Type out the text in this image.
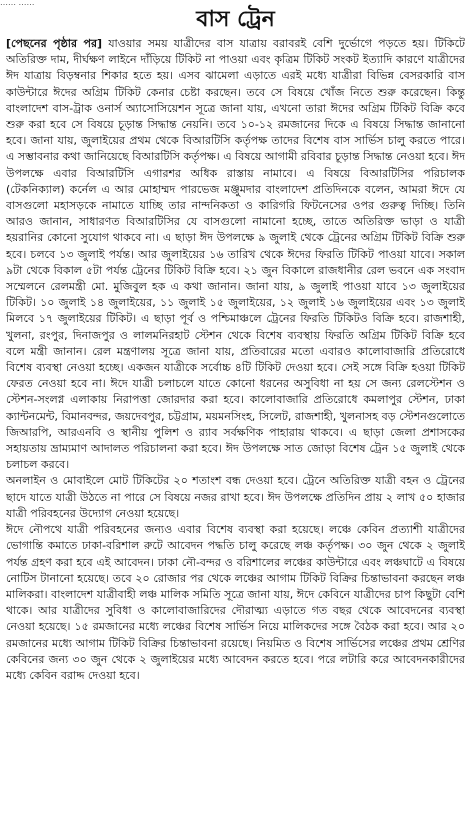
…… ……
বাস ট্রেন

[পেছনের পৃষ্ঠার পর] যাওয়ার সময় যাত্রীদের বাস যাত্রায় বরাবরই বেশি দুর্ভোগে পড়তে হয়। টিকিটে অতিরিক্ত দাম, দীর্ঘক্ষণ লাইনে দাঁড়িয়ে টিকিট না পাওয়া এবং কৃত্রিম টিকিট সংকট ইত্যাদি কারণে যাত্রীদের ঈদ যাত্রায় বিড়ম্বনার শিকার হতে হয়। এসব ঝামেলা এড়াতে এরই মধ্যে যাত্রীরা বিভিন্ন বেসরকারি বাস কাউন্টারে ঈদের অগ্রিম টিকিট কেনার চেষ্টা করছেন। তবে সে বিষয়ে খোঁজ নিতে শুরু করেছেন। কিন্তু বাংলাদেশ বাস-ট্রাক ওনার্স অ্যাসোসিয়েশন সূত্রে জানা যায়, এখনো তারা ঈদের অগ্রিম টিকিট বিক্রি কবে শুরু করা হবে সে বিষয়ে চূড়ান্ত সিদ্ধান্ত নেয়নি। তবে ১০-১২ রমজানের দিকে এ বিষয়ে সিদ্ধান্ত জানানো হবে। জানা যায়, জুলাইয়ের প্রথম থেকে বিআরটিসি কর্তৃপক্ষ তাদের বিশেষ বাস সার্ভিস চালু করতে পারে। এ সম্ভাবনার কথা জানিয়েছে বিআরটিসি কর্তৃপক্ষ। এ বিষয়ে আগামী রবিবার চূড়ান্ত সিদ্ধান্ত নেওয়া হবে। ঈদ উপলক্ষে এবার বিআরটিসি এগারশর অধিক রাস্তায় নামাবে। এ বিষয়ে বিআরটিসির পরিচালক (টেকনিক্যাল) কর্নেল এ আর মোহাম্মদ পারভেজ মঞ্জুমদার বাংলাদেশ প্রতিদিনকে বলেন, আমরা ঈদে যে বাসগুলো মহাসড়কে নামাতে যাচ্ছি তার নান্দনিকতা ও কারিগরি ফিটনেসের ওপর গুরুত্ব দিচ্ছি। তিনি আরও জানান, সাধারণত বিআরটিসির যে বাসগুলো নামানো হচ্ছে, তাতে অতিরিক্ত ভাড়া ও যাত্রী হয়রানির কোনো সুযোগ থাকবে না। এ ছাড়া ঈদ উপলক্ষে ৯ জুলাই থেকে ট্রেনের অগ্রিম টিকিট বিক্রি শুরু হবে। চলবে ১৩ জুলাই পর্যন্ত। আর জুলাইয়ের ১৬ তারিখ থেকে ঈদের ফিরতি টিকিট পাওয়া যাবে। সকাল ৯টা থেকে বিকাল ৫টা পর্যন্ত ট্রেনের টিকিট বিক্রি হবে। ২১ জুন বিকালে রাজধানীর রেল ভবনে এক সংবাদ সম্মেলনে রেলমন্ত্রী মো. মুজিবুল হক এ কথা জানান। জানা যায়, ৯ জুলাই পাওয়া যাবে ১৩ জুলাইয়ের টিকিট। ১০ জুলাই ১৪ জুলাইয়ের, ১১ জুলাই ১৫ জুলাইয়ের, ১২ জুলাই ১৬ জুলাইয়ের এবং ১৩ জুলাই মিলবে ১৭ জুলাইয়ের টিকিট। এ ছাড়া পূর্ব ও পশ্চিমাঞ্চলে ট্রেনের ফিরতি টিকিটও বিক্রি হবে। রাজশাহী, খুলনা, রংপুর, দিনাজপুর ও লালমনিরহাট স্টেশন থেকে বিশেষ ব্যবস্থায় ফিরতি অগ্রিম টিকিট বিক্রি হবে বলে মন্ত্রী জানান। রেল মন্ত্রণালয় সূত্রে জানা যায়, প্রতিবারের মতো এবারও কালোবাজারি প্রতিরোধে বিশেষ ব্যবস্থা নেওয়া হচ্ছে। একজন যাত্রীকে সর্বোচ্চ ৪টি টিকিট দেওয়া হবে। সেই সঙ্গে বিক্রি হওয়া টিকিট ফেরত নেওয়া হবে না। ঈদে যাত্রী চলাচলে যাতে কোনো ধরনের অসুবিধা না হয় সে জন্য রেলস্টেশন ও স্টেশন-সংলগ্ন এলাকায় নিরাপত্তা জোরদার করা হবে। কালোবাজারি প্রতিরোধে কমলাপুর স্টেশন, ঢাকা ক্যান্টনমেন্ট, বিমানবন্দর, জয়দেবপুর, চট্টগ্রাম, ময়মনসিংহ, সিলেট, রাজশাহী, খুলনাসহ বড় স্টেশনগুলোতে জিআরপি, আরএনবি ও স্থানীয় পুলিশ ও র‍্যাব সর্বক্ষণিক পাহারায় থাকবে। এ ছাড়া জেলা প্রশাসকের সহায়তায় ভ্রাম্যমাণ আদালত পরিচালনা করা হবে। ঈদ উপলক্ষে সাত জোড়া বিশেষ ট্রেন ১৫ জুলাই থেকে চলাচল করবে।

অনলাইন ও মোবাইলে মোট টিকিটের ২০ শতাংশ বন্ধ দেওয়া হবে। ট্রেনে অতিরিক্ত যাত্রী বহন ও ট্রেনের ছাদে যাতে যাত্রী উঠতে না পারে সে বিষয়ে নজর রাখা হবে। ঈদ উপলক্ষে প্রতিদিন প্রায় ২ লাখ ৫০ হাজার যাত্রী পরিবহনের উদ্যোগ নেওয়া হয়েছে।

ঈদে নৌপথে যাত্রী পরিবহনের জন্যও এবার বিশেষ ব্যবস্থা করা হয়েছে। লঞ্চে কেবিন প্রত্যাশী যাত্রীদের ভোগান্তি কমাতে ঢাকা-বরিশাল রুটে আবেদন পদ্ধতি চালু করেছে লঞ্চ কর্তৃপক্ষ। ৩০ জুন থেকে ২ জুলাই পর্যন্ত গ্রহণ করা হবে এই আবেদন। ঢাকা নৌ-বন্দর ও বরিশালের লঞ্চের কাউন্টারে এবং লঞ্চঘাটে এ বিষয়ে নোটিস টানানো হয়েছে। তবে ২০ রোজার পর থেকে লঞ্চের আগাম টিকিট বিক্রির চিন্তাভাবনা করছেন লঞ্চ মালিকরা। বাংলাদেশ যাত্রীবাহী লঞ্চ মালিক সমিতি সূত্রে জানা যায়, ঈদে কেবিনে যাত্রীদের চাপ কিছুটা বেশি থাকে। আর যাত্রীদের সুবিধা ও কালোবাজারিদের দৌরাত্ম্য এড়াতে গত বছর থেকে আবেদনের ব্যবস্থা নেওয়া হয়েছে। ১৫ রমজানের মধ্যে লঞ্চের বিশেষ সার্ভিস নিয়ে মালিকদের সঙ্গে বৈঠক করা হবে। আর ২০ রমজানের মধ্যে আগাম টিকিট বিক্রির চিন্তাভাবনা রয়েছে। নিয়মিত ও বিশেষ সার্ভিসের লঞ্চের প্রথম শ্রেণির কেবিনের জন্য ৩০ জুন থেকে ২ জুলাইয়ের মধ্যে আবেদন করতে হবে। পরে লটারি করে আবেদনকারীদের মধ্যে কেবিন বরাদ্দ দেওয়া হবে।
